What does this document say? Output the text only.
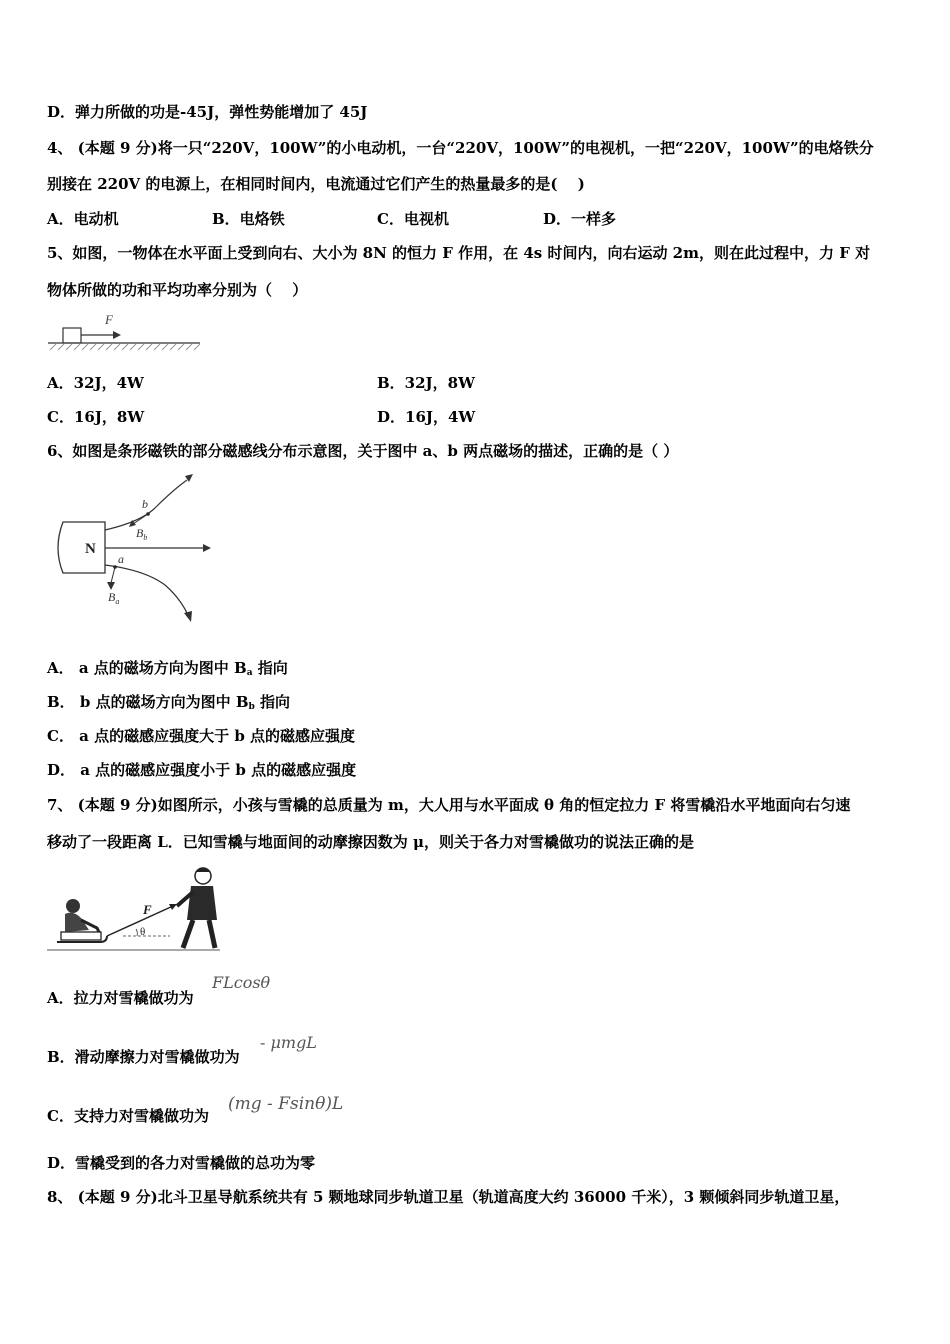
D．弹力所做的功是-45J，弹性势能增加了 45J
4、 (本题 9 分)将一只“220V，100W”的小电动机，一台“220V，100W”的电视机，一把“220V，100W”的电烙铁分
别接在 220V 的电源上，在相同时间内，电流通过它们产生的热量最多的是(　 )
A．电动机	B．电烙铁	C．电视机	D．一样多
5、如图，一物体在水平面上受到向右、大小为 8N 的恒力 F 作用，在 4s 时间内，向右运动 2m，则在此过程中，力 F 对
物体所做的功和平均功率分别为（　 ）
F
A．32J，4W	B．32J，8W
C．16J，8W	D．16J，4W
6、如图是条形磁铁的部分磁感线分布示意图，关于图中 a、b 两点磁场的描述，正确的是（ ）
N
b
$B_b$
a
$B_a$
A． a 点的磁场方向为图中 $B_a$ 指向
B． b 点的磁场方向为图中 $B_b$ 指向
C． a 点的磁感应强度大于 b 点的磁感应强度
D． a 点的磁感应强度小于 b 点的磁感应强度
7、 (本题 9 分)如图所示，小孩与雪橇的总质量为 m，大人用与水平面成 θ 角的恒定拉力 F 将雪橇沿水平地面向右匀速
移动了一段距离 L．已知雪橇与地面间的动摩擦因数为 μ，则关于各力对雪橇做功的说法正确的是
F
θ
A．拉力对雪橇做功为
FLcosθ
B．滑动摩擦力对雪橇做功为
- μmgL
C．支持力对雪橇做功为
(mg - Fsinθ)L
D．雪橇受到的各力对雪橇做的总功为零
8、 (本题 9 分)北斗卫星导航系统共有 5 颗地球同步轨道卫星（轨道高度大约 36000 千米），3 颗倾斜同步轨道卫星，
